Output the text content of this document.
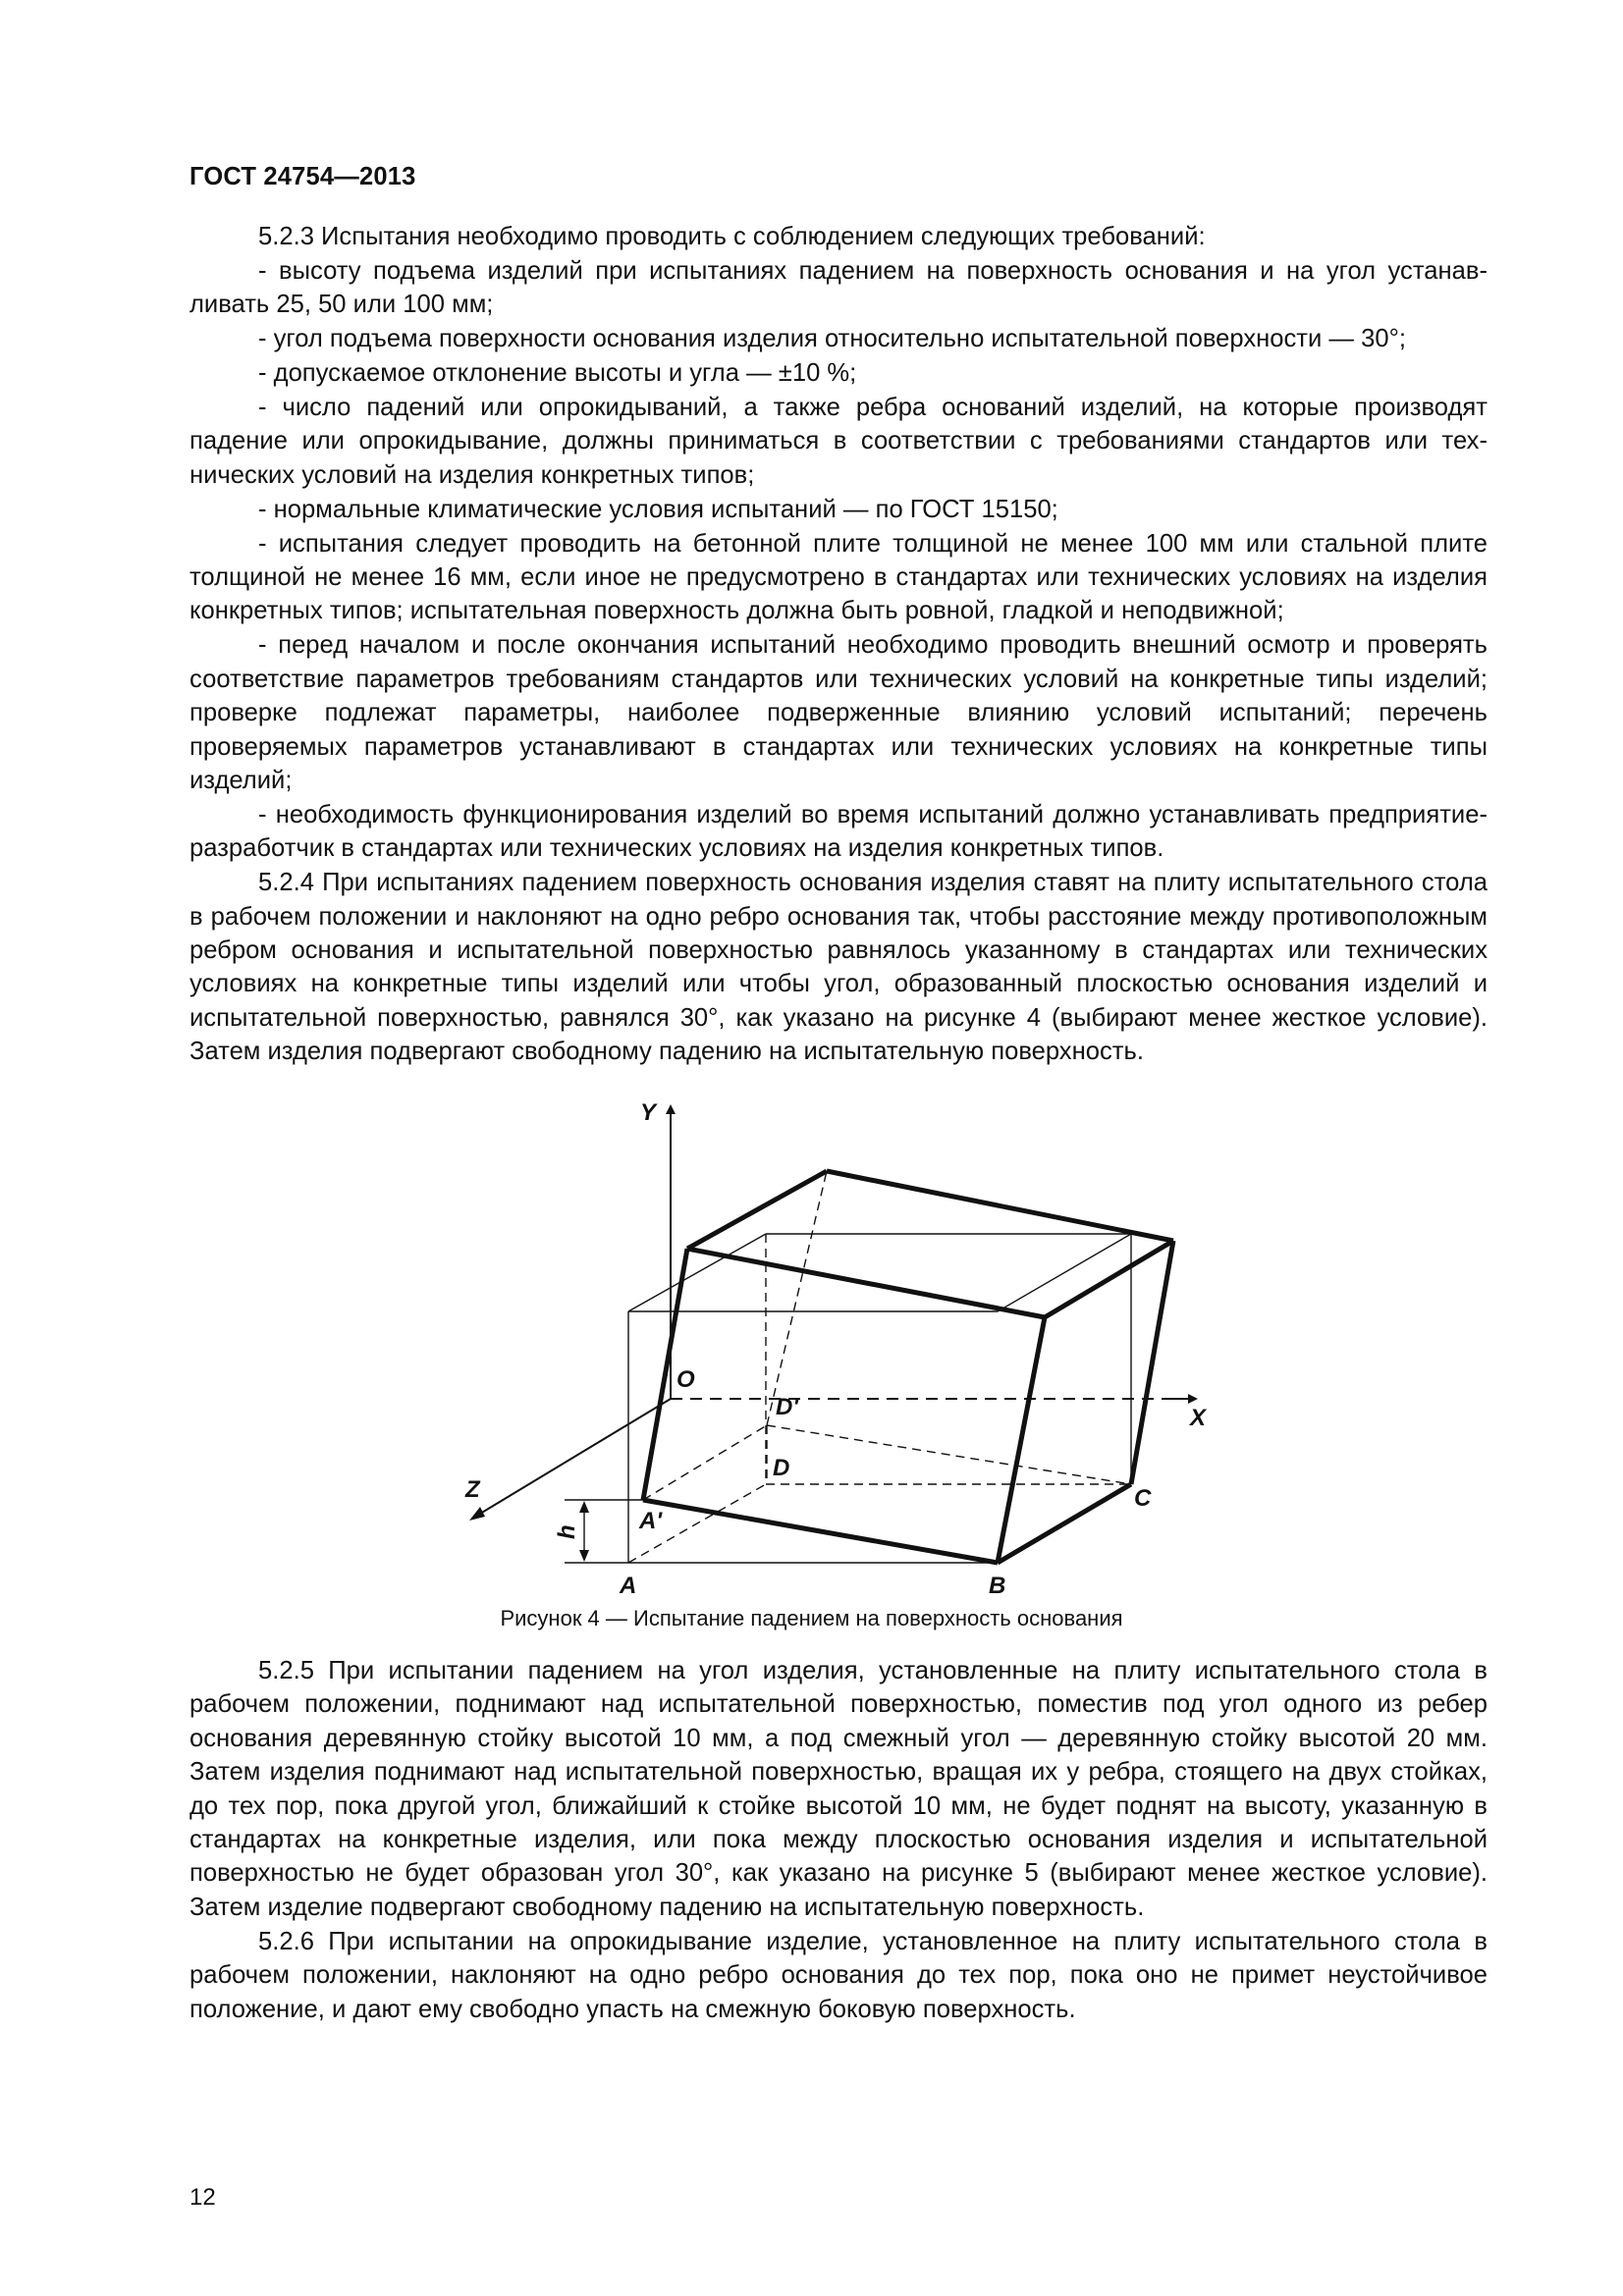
ГОСТ 24754—2013

5.2.3 Испытания необходимо проводить с соблюдением следующих требований:

- высоту подъема изделий при испытаниях падением на поверхность основания и на угол устанавливать 25, 50 или 100 мм;

- угол подъема поверхности основания изделия относительно испытательной поверхности — 30°;

- допускаемое отклонение высоты и угла — ±10 %;

- число падений или опрокидываний, а также ребра оснований изделий, на которые производят падение или опрокидывание, должны приниматься в соответствии с требованиями стандартов или технических условий на изделия конкретных типов;

- нормальные климатические условия испытаний — по ГОСТ 15150;

- испытания следует проводить на бетонной плите толщиной не менее 100 мм или стальной плите толщиной не менее 16 мм, если иное не предусмотрено в стандартах или технических условиях на изделия конкретных типов; испытательная поверхность должна быть ровной, гладкой и неподвижной;

- перед началом и после окончания испытаний необходимо проводить внешний осмотр и проверять соответствие параметров требованиям стандартов или технических условий на конкретные типы изделий; проверке подлежат параметры, наиболее подверженные влиянию условий испытаний; перечень проверяемых параметров устанавливают в стандартах или технических условиях на конкретные типы изделий;

- необходимость функционирования изделий во время испытаний должно устанавливать предприятие-разработчик в стандартах или технических условиях на изделия конкретных типов.

5.2.4 При испытаниях падением поверхность основания изделия ставят на плиту испытательного стола в рабочем положении и наклоняют на одно ребро основания так, чтобы расстояние между противоположным ребром основания и испытательной поверхностью равнялось указанному в стандартах или технических условиях на конкретные типы изделий или чтобы угол, образованный плоскостью основания изделий и испытательной поверхностью, равнялся 30°, как указано на рисунке 4 (выбирают менее жесткое условие). Затем изделия подвергают свободному падению на испытательную поверхность.

Y
X
Z
O
D'
D
C
A'
A	B
h
Рисунок 4 — Испытание падением на поверхность основания

5.2.5 При испытании падением на угол изделия, установленные на плиту испытательного стола в рабочем положении, поднимают над испытательной поверхностью, поместив под угол одного из ребер основания деревянную стойку высотой 10 мм, а под смежный угол — деревянную стойку высотой 20 мм. Затем изделия поднимают над испытательной поверхностью, вращая их у ребра, стоящего на двух стойках, до тех пор, пока другой угол, ближайший к стойке высотой 10 мм, не будет поднят на высоту, указанную в стандартах на конкретные изделия, или пока между плоскостью основания изделия и испытательной поверхностью не будет образован угол 30°, как указано на рисунке 5 (выбирают менее жесткое условие). Затем изделие подвергают свободному падению на испытательную поверхность.

5.2.6 При испытании на опрокидывание изделие, установленное на плиту испытательного стола в рабочем положении, наклоняют на одно ребро основания до тех пор, пока оно не примет неустойчивое положение, и дают ему свободно упасть на смежную боковую поверхность.

12
